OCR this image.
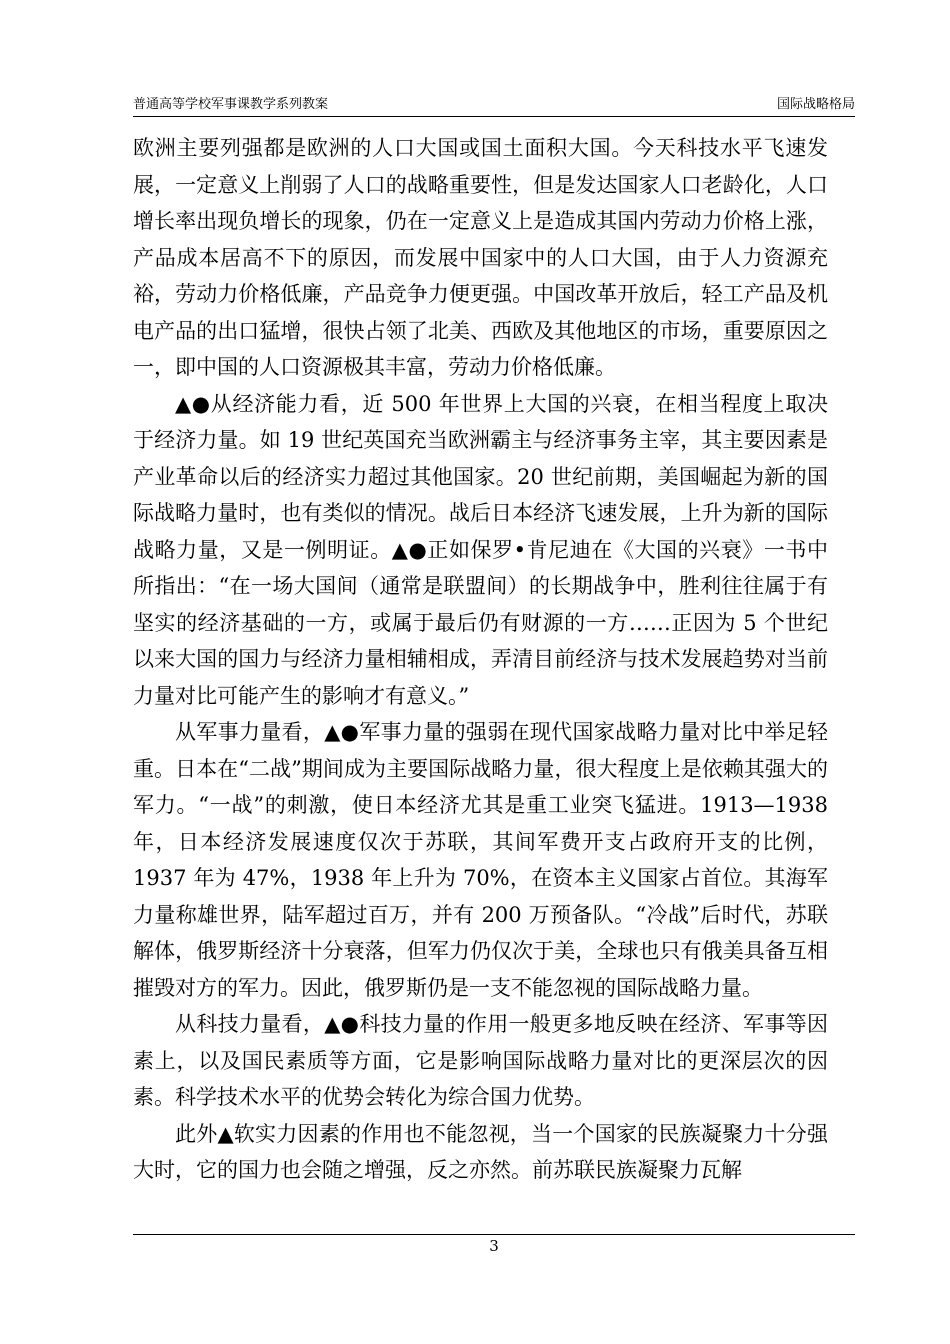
普通高等学校军事课教学系列教案	国际战略格局

欧洲主要列强都是欧洲的人口大国或国土面积大国。今天科技水平飞速发展，一定意义上削弱了人口的战略重要性，但是发达国家人口老龄化，人口增长率出现负增长的现象，仍在一定意义上是造成其国内劳动力价格上涨，产品成本居高不下的原因，而发展中国家中的人口大国，由于人力资源充裕，劳动力价格低廉，产品竞争力便更强。中国改革开放后，轻工产品及机电产品的出口猛增，很快占领了北美、西欧及其他地区的市场，重要原因之一，即中国的人口资源极其丰富，劳动力价格低廉。

▲●从经济能力看，近 500 年世界上大国的兴衰，在相当程度上取决于经济力量。如 19 世纪英国充当欧洲霸主与经济事务主宰，其主要因素是产业革命以后的经济实力超过其他国家。20 世纪前期，美国崛起为新的国际战略力量时，也有类似的情况。战后日本经济飞速发展，上升为新的国际战略力量，又是一例明证。▲●正如保罗•肯尼迪在《大国的兴衰》一书中所指出：“在一场大国间（通常是联盟间）的长期战争中，胜利往往属于有坚实的经济基础的一方，或属于最后仍有财源的一方……正因为 5 个世纪以来大国的国力与经济力量相辅相成，弄清目前经济与技术发展趋势对当前力量对比可能产生的影响才有意义。”

从军事力量看，▲●军事力量的强弱在现代国家战略力量对比中举足轻重。日本在“二战”期间成为主要国际战略力量，很大程度上是依赖其强大的军力。“一战”的刺激，使日本经济尤其是重工业突飞猛进。1913—1938 年，日本经济发展速度仅次于苏联，其间军费开支占政府开支的比例，1937 年为 47%，1938 年上升为 70%，在资本主义国家占首位。其海军力量称雄世界，陆军超过百万，并有 200 万预备队。“冷战”后时代，苏联解体，俄罗斯经济十分衰落，但军力仍仅次于美，全球也只有俄美具备互相摧毁对方的军力。因此，俄罗斯仍是一支不能忽视的国际战略力量。

从科技力量看，▲●科技力量的作用一般更多地反映在经济、军事等因素上，以及国民素质等方面，它是影响国际战略力量对比的更深层次的因素。科学技术水平的优势会转化为综合国力优势。

此外▲软实力因素的作用也不能忽视，当一个国家的民族凝聚力十分强大时，它的国力也会随之增强，反之亦然。前苏联民族凝聚力瓦解

3
